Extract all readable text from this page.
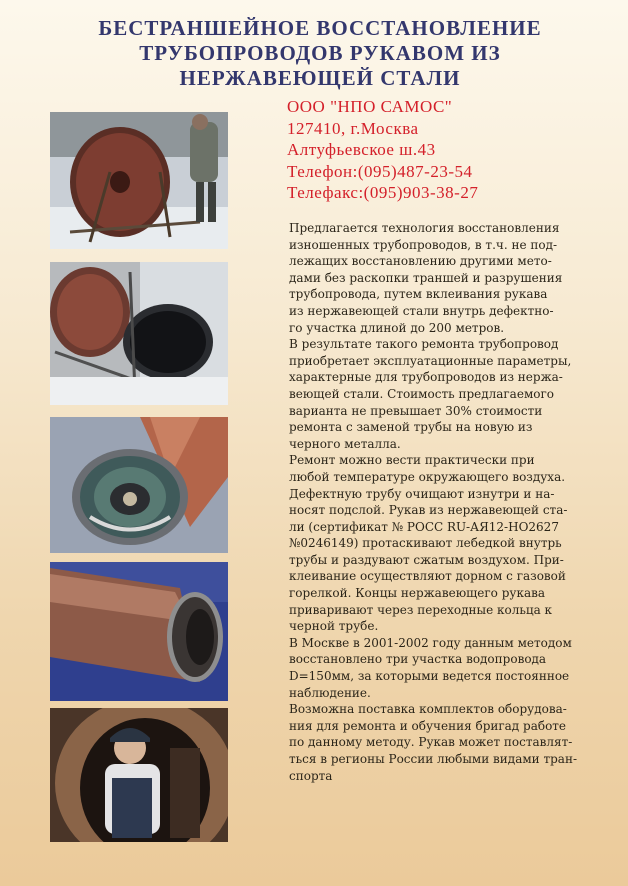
БЕСТРАНШЕЙНОЕ ВОССТАНОВЛЕНИЕ
ТРУБОПРОВОДОВ РУКАВОМ ИЗ
НЕРЖАВЕЮЩЕЙ СТАЛИ
ООО "НПО САМОС"
127410, г.Москва
Алтуфьевское ш.43
Телефон:(095)487-23-54
Телефакс:(095)903-38-27

Предлагается технология восстановления
изношенных трубопроводов, в т.ч. не под-
лежащих восстановлению другими мето-
дами без раскопки траншей и разрушения
трубопровода, путем вклеивания рукава
из нержавеющей стали внутрь дефектно-
го участка длиной до 200 метров.

В результате такого ремонта трубопровод
приобретает эксплуатационные параметры,
характерные для трубопроводов из нержа-
веющей стали. Стоимость предлагаемого
варианта не превышает 30% стоимости
ремонта с заменой трубы на новую из
черного металла.

Ремонт можно вести практически при
любой температуре окружающего воздуха.
Дефектную трубу очищают изнутри и на-
носят подслой. Рукав из нержавеющей ста-
ли (сертификат № РОСС RU-АЯ12-НО2627
№0246149) протаскивают лебедкой внутрь
трубы и раздувают сжатым воздухом. При-
клеивание осуществляют дорном с газовой
горелкой. Концы нержавеющего рукава
приваривают через переходные кольца к
черной трубе.

В Москве в 2001-2002 году данным методом
восстановлено три участка водопровода
D=150мм, за которыми ведется постоянное
наблюдение.

Возможна поставка комплектов оборудова-
ния для ремонта и обучения бригад работе
по данному методу. Рукав может поставлят-
ться в регионы России любыми видами тран-
спорта
